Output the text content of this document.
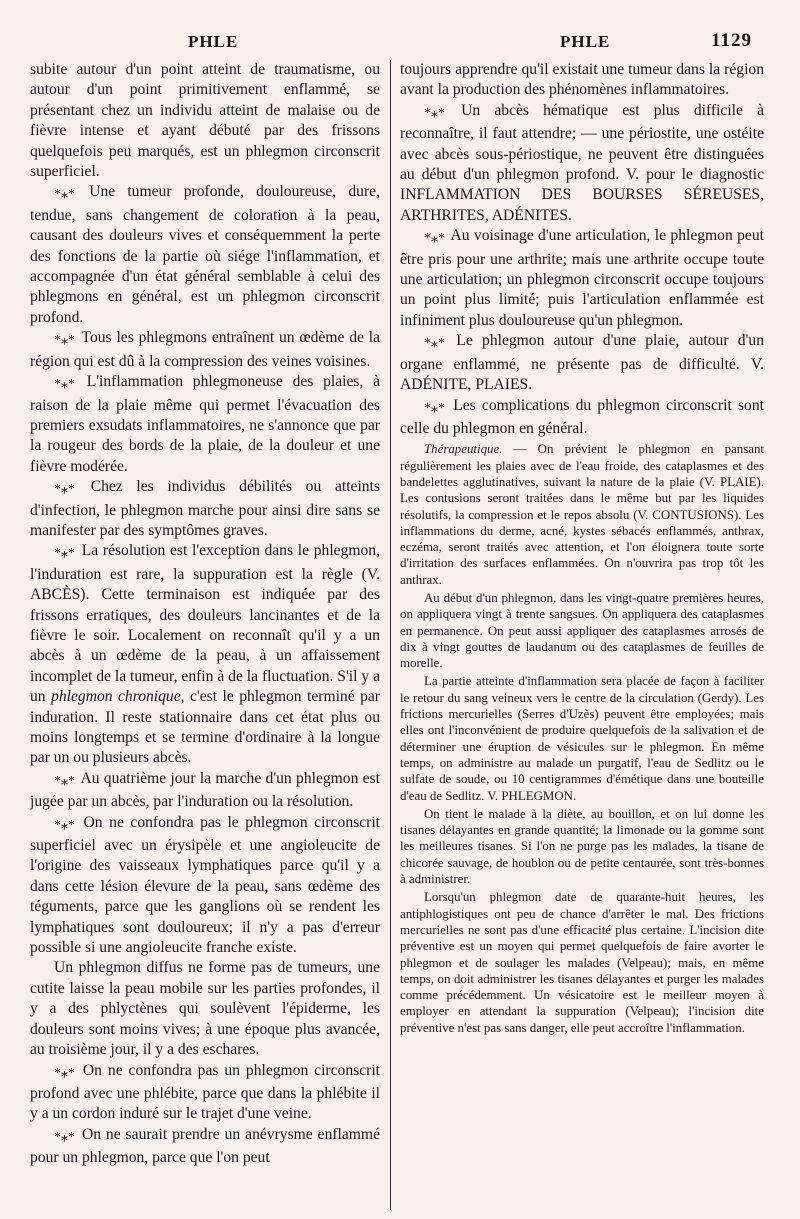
PHLE	PHLE	1129

subite autour d'un point atteint de traumatisme, ou autour d'un point primitivement enflammé, se présentant chez un individu atteint de malaise ou de fièvre intense et ayant débuté par des frissons quelquefois peu marqués, est un phlegmon circonscrit superficiel.

*⁎* Une tumeur profonde, douloureuse, dure, tendue, sans changement de coloration à la peau, causant des douleurs vives et conséquemment la perte des fonctions de la partie où siége l'inflammation, et accompagnée d'un état général semblable à celui des phlegmons en général, est un phlegmon circonscrit profond.

*⁎* Tous les phlegmons entraînent un œdème de la région qui est dû à la compression des veines voisines.

*⁎* L'inflammation phlegmoneuse des plaies, à raison de la plaie même qui permet l'évacuation des premiers exsudats inflammatoires, ne s'annonce que par la rougeur des bords de la plaie, de la douleur et une fièvre modérée.

*⁎* Chez les individus débilités ou atteints d'infection, le phlegmon marche pour ainsi dire sans se manifester par des symptômes graves.

*⁎* La résolution est l'exception dans le phlegmon, l'induration est rare, la suppuration est la règle (V. ABCÈS). Cette terminaison est indiquée par des frissons erratiques, des douleurs lancinantes et de la fièvre le soir. Localement on reconnaît qu'il y a un abcès à un œdème de la peau, à un affaissement incomplet de la tumeur, enfin à de la fluctuation. S'il y a un phlegmon chronique, c'est le phlegmon terminé par induration. Il reste stationnaire dans cet état plus ou moins longtemps et se termine d'ordinaire à la longue par un ou plusieurs abcès.

*⁎* Au quatrième jour la marche d'un phlegmon est jugée par un abcès, par l'induration ou la résolution.

*⁎* On ne confondra pas le phlegmon circonscrit superficiel avec un érysipèle et une angioleucite de l'origine des vaisseaux lymphatiques parce qu'il y a dans cette lésion élevure de la peau, sans œdème des téguments, parce que les ganglions où se rendent les lymphatiques sont douloureux; il n'y a pas d'erreur possible si une angioleucite franche existe.

Un phlegmon diffus ne forme pas de tumeurs, une cutite laisse la peau mobile sur les parties profondes, il y a des phlyctènes qui soulèvent l'épiderme, les douleurs sont moins vives; à une époque plus avancée, au troisième jour, il y a des eschares.

*⁎* On ne confondra pas un phlegmon circonscrit profond avec une phlébite, parce que dans la phlébite il y a un cordon induré sur le trajet d'une veine.

*⁎* On ne saurait prendre un anévrysme enflammé pour un phlegmon, parce que l'on peut

toujours apprendre qu'il existait une tumeur dans la région avant la production des phénomènes inflammatoires.

*⁎* Un abcès hématique est plus difficile à reconnaître, il faut attendre; — une périostite, une ostéite avec abcès sous-périostique, ne peuvent être distinguées au début d'un phlegmon profond. V. pour le diagnostic INFLAMMATION DES BOURSES SÉREUSES, ARTHRITES, ADÉNITES.

*⁎* Au voisinage d'une articulation, le phlegmon peut être pris pour une arthrite; mais une arthrite occupe toute une articulation; un phlegmon circonscrit occupe toujours un point plus limité; puis l'articulation enflammée est infiniment plus douloureuse qu'un phlegmon.

*⁎* Le phlegmon autour d'une plaie, autour d'un organe enflammé, ne présente pas de difficulté. V. ADÉNITE, PLAIES.

*⁎* Les complications du phlegmon circonscrit sont celle du phlegmon en général.

Thérapeutique. — On prévient le phlegmon en pansant régulièrement les plaies avec de l'eau froide, des cataplasmes et des bandelettes agglutinatives, suivant la nature de la plaie (V. PLAIE). Les contusions seront traitées dans le même but par les liquides résolutifs, la compression et le repos absolu (V. CONTUSIONS). Les inflammations du derme, acné, kystes sébacés enflammés, anthrax, eczéma, seront traités avec attention, et l'on éloignera toute sorte d'irritation des surfaces enflammées. On n'ouvrira pas trop tôt les anthrax.

Au début d'un phlegmon, dans les vingt-quatre premières heures, on appliquera vingt à trente sangsues. On appliquera des cataplasmes en permanence. On peut aussi appliquer des cataplasmes arrosés de dix à vingt gouttes de laudanum ou des cataplasmes de feuilles de morelle.

La partie atteinte d'inflammation sera placée de façon à faciliter le retour du sang veineux vers le centre de la circulation (Gerdy). Les frictions mercurielles (Serres d'Uzès) peuvent être employées; mais elles ont l'inconvénient de produire quelquefois de la salivation et de déterminer une éruption de vésicules sur le phlegmon. En même temps, on administre au malade un purgatif, l'eau de Sedlitz ou le sulfate de soude, ou 10 centigrammes d'émétique dans une bouteille d'eau de Sedlitz. V. PHLEGMON.

On tient le malade à la diète, au bouillon, et on lui donne les tisanes délayantes en grande quantité; la limonade ou la gomme sont les meilleures tisanes. Si l'on ne purge pas les malades, la tisane de chicorée sauvage, de houblon ou de petite centaurée, sont très-bonnes à administrer.

Lorsqu'un phlegmon date de quarante-huit heures, les antiphlogistiques ont peu de chance d'arrêter le mal. Des frictions mercurielles ne sont pas d'une efficacité plus certaine. L'incision dite préventive est un moyen qui permet quelquefois de faire avorter le phlegmon et de soulager les malades (Velpeau); mais, en même temps, on doit administrer les tisanes délayantes et purger les malades comme précédemment. Un vésicatoire est le meilleur moyen à employer en attendant la suppuration (Velpeau); l'incision dite préventive n'est pas sans danger, elle peut accroître l'inflammation.
